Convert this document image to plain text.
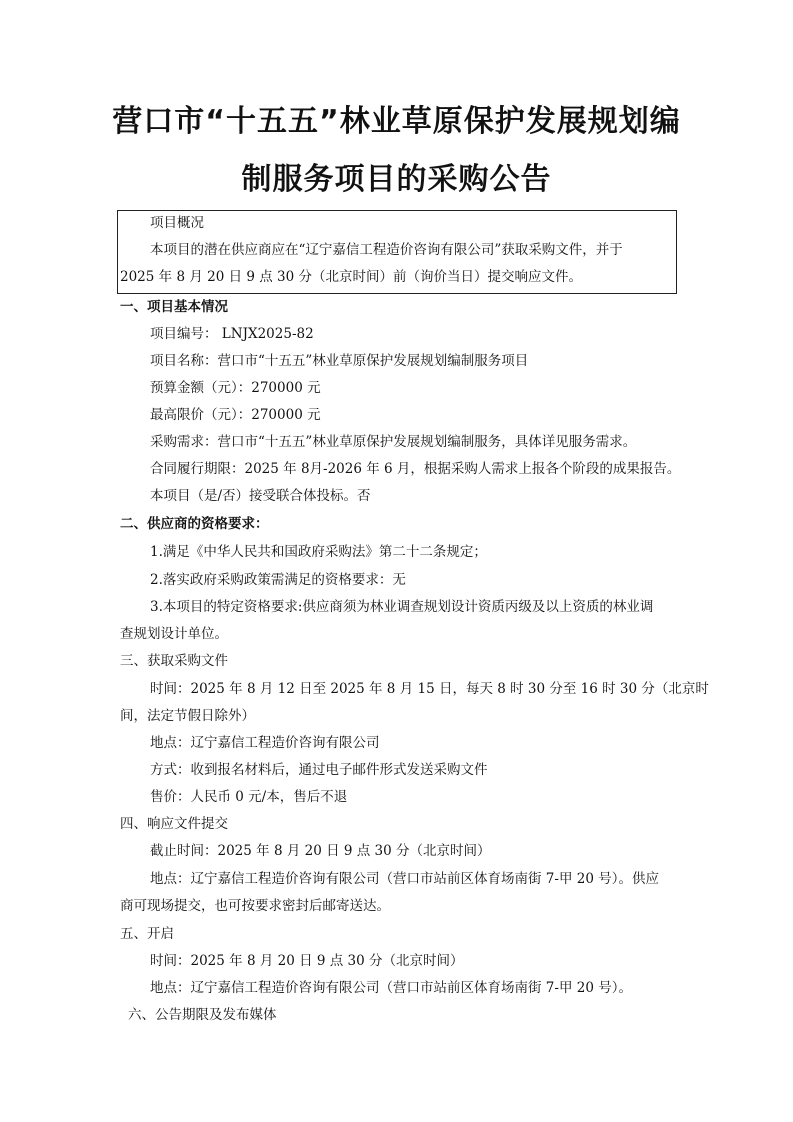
营口市“十五五”林业草原保护发展规划编
制服务项目的采购公告
项目概况
本项目的潜在供应商应在“辽宁嘉信工程造价咨询有限公司”获取采购文件，并于
2025 年 8 月 20 日 9 点 30 分（北京时间）前（询价当日）提交响应文件。
一、项目基本情况
项目编号： LNJX2025-82
项目名称：营口市“十五五”林业草原保护发展规划编制服务项目
预算金额（元）：270000 元
最高限价（元）：270000 元
采购需求：营口市“十五五”林业草原保护发展规划编制服务，具体详见服务需求。
合同履行期限：2025 年 8月-2026 年 6 月，根据采购人需求上报各个阶段的成果报告。
本项目（是/否）接受联合体投标。否
二、供应商的资格要求：
1.满足《中华人民共和国政府采购法》第二十二条规定；
2.落实政府采购政策需满足的资格要求：无
3.本项目的特定资格要求:供应商须为林业调查规划设计资质丙级及以上资质的林业调
查规划设计单位。
三、获取采购文件
时间：2025 年 8 月 12 日至 2025 年 8 月 15 日，每天 8 时 30 分至 16 时 30 分（北京时
间，法定节假日除外）
地点：辽宁嘉信工程造价咨询有限公司
方式：收到报名材料后，通过电子邮件形式发送采购文件
售价：人民币 0 元/本，售后不退
四、响应文件提交
截止时间：2025 年 8 月 20 日 9 点 30 分（北京时间）
地点：辽宁嘉信工程造价咨询有限公司（营口市站前区体育场南街 7-甲 20 号）。供应
商可现场提交，也可按要求密封后邮寄送达。
五、开启
时间：2025 年 8 月 20 日 9 点 30 分（北京时间）
地点：辽宁嘉信工程造价咨询有限公司（营口市站前区体育场南街 7-甲 20 号）。
六、公告期限及发布媒体
